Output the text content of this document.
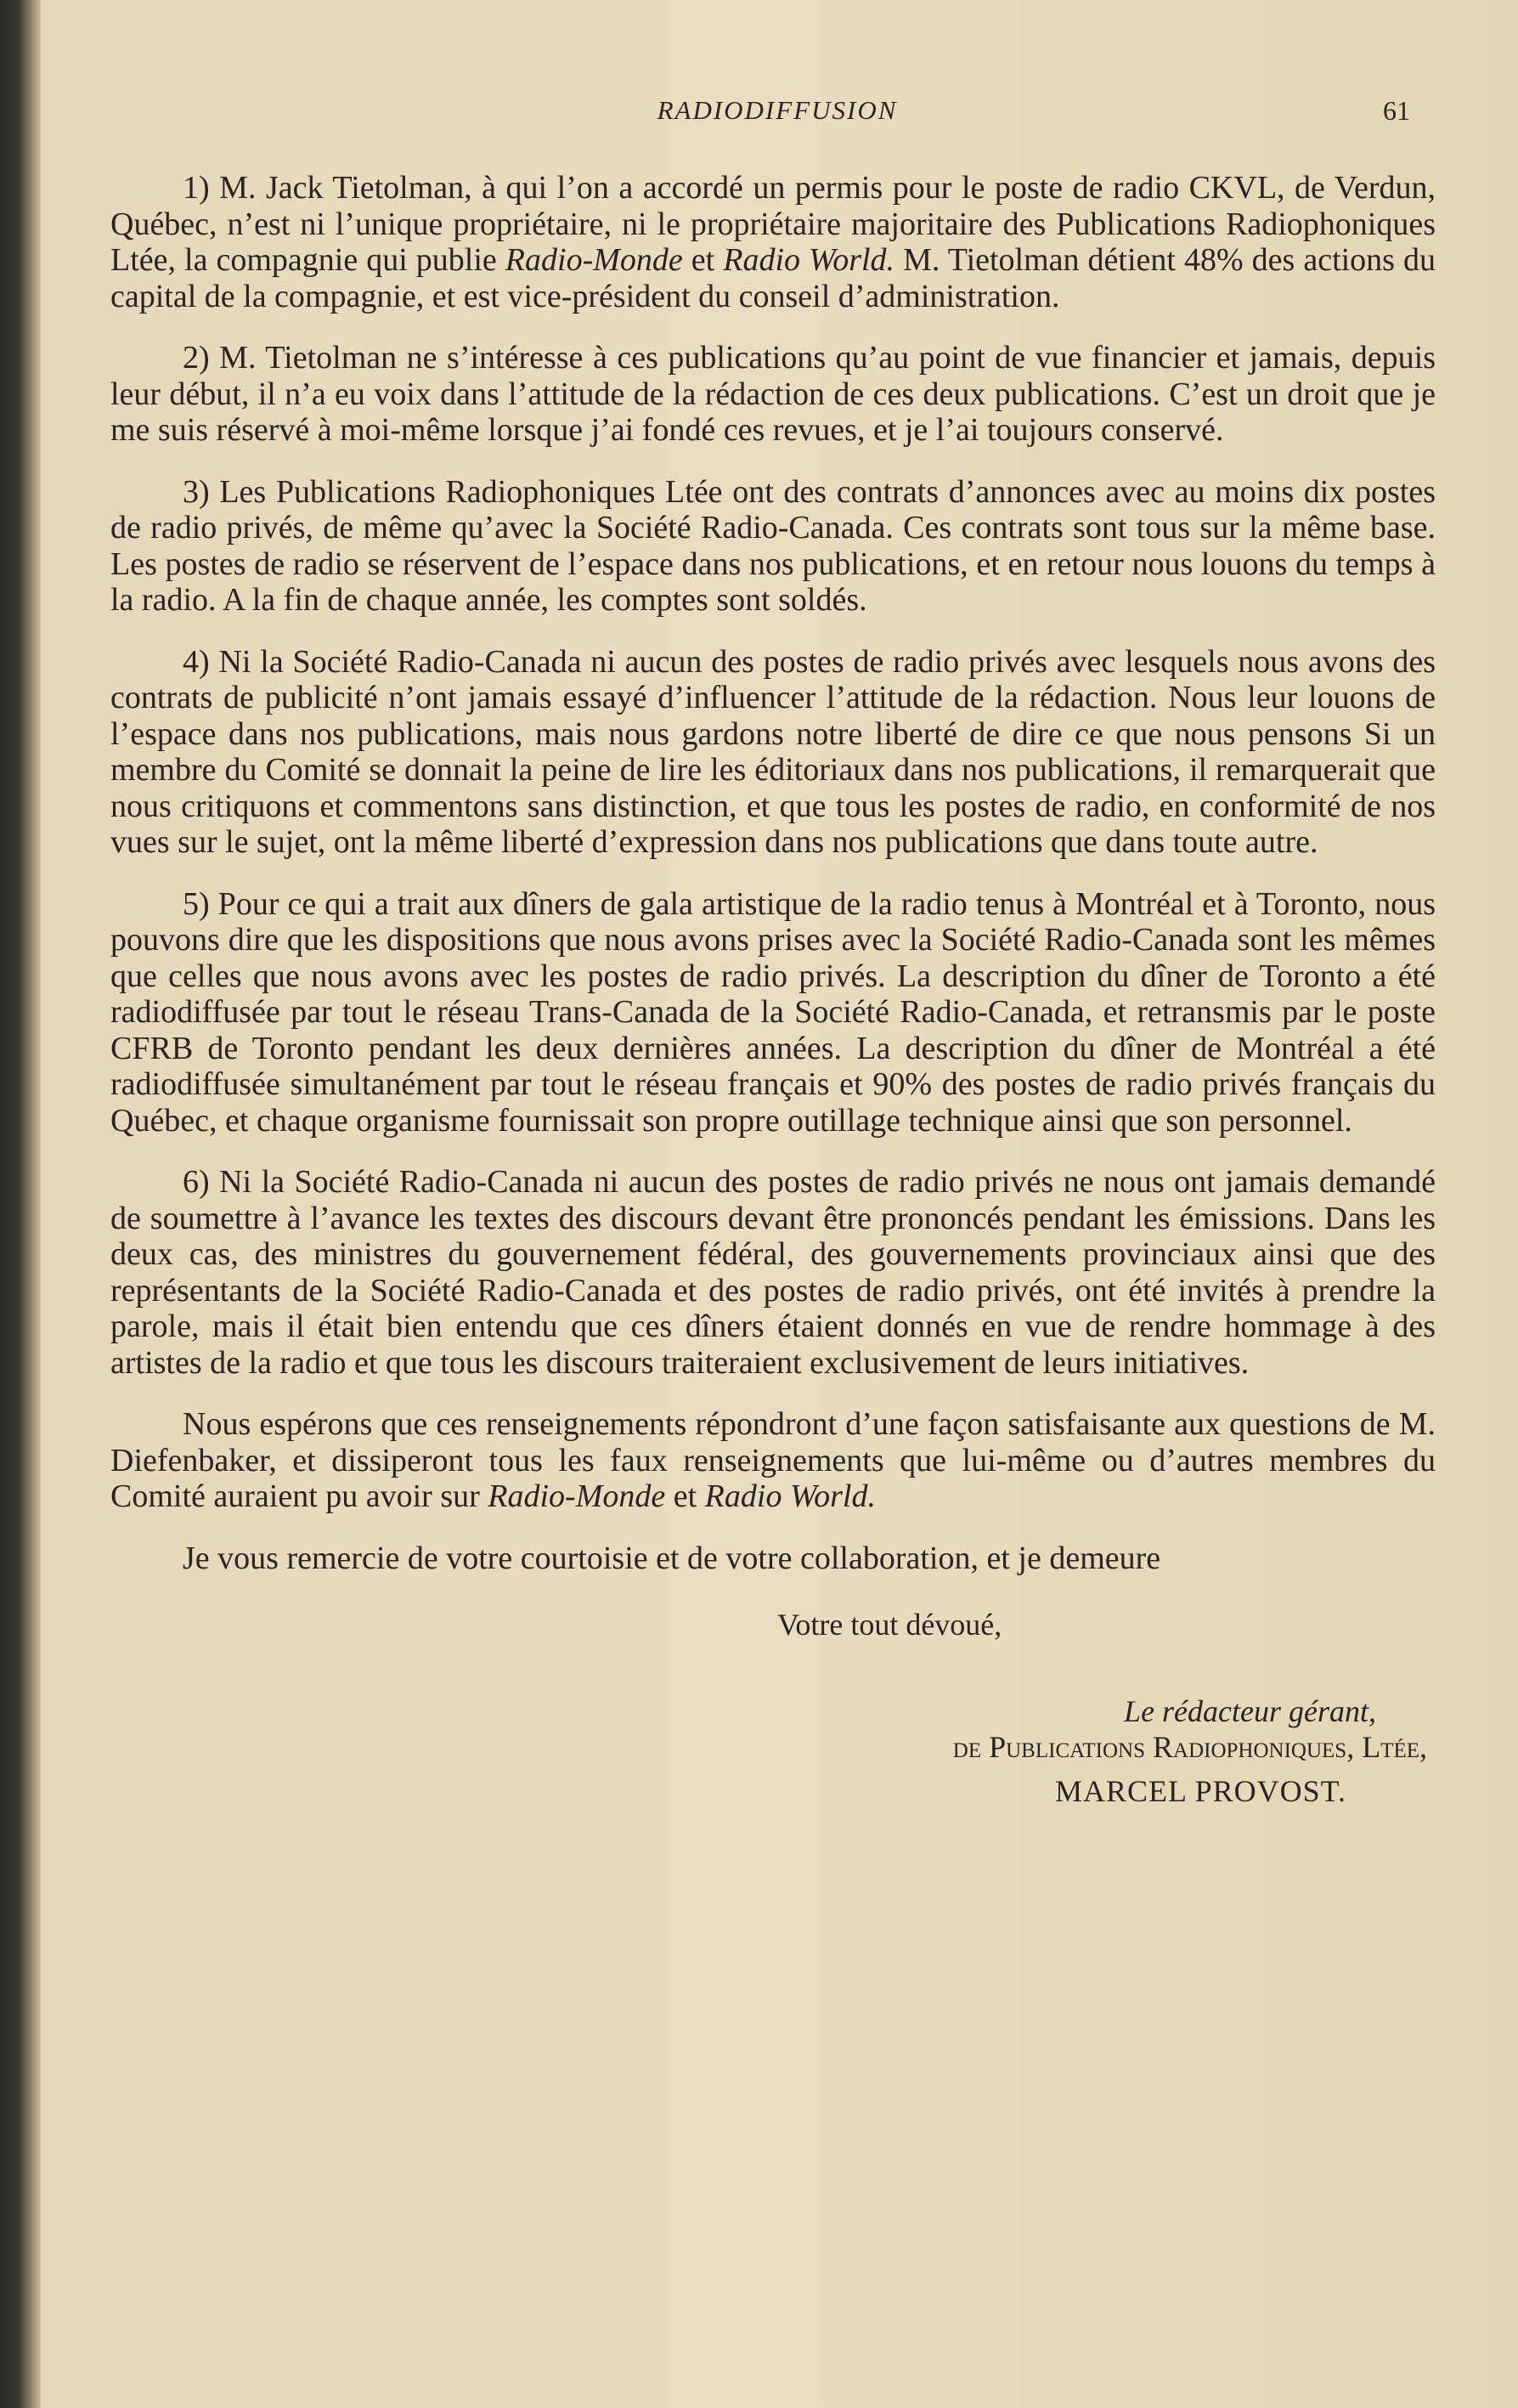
RADIODIFFUSION	61

1) M. Jack Tietolman, à qui l’on a accordé un permis pour le poste de radio CKVL, de Verdun, Québec, n’est ni l’unique propriétaire, ni le propriétaire majoritaire des Publications Radiophoniques Ltée, la compagnie qui publie Radio-Monde et Radio World. M. Tietolman détient 48% des actions du capital de la compagnie, et est vice-président du conseil d’administration.

2) M. Tietolman ne s’intéresse à ces publications qu’au point de vue financier et jamais, depuis leur début, il n’a eu voix dans l’attitude de la rédaction de ces deux publications. C’est un droit que je me suis réservé à moi-même lorsque j’ai fondé ces revues, et je l’ai toujours conservé.

3) Les Publications Radiophoniques Ltée ont des contrats d’annonces avec au moins dix postes de radio privés, de même qu’avec la Société Radio-Canada. Ces contrats sont tous sur la même base. Les postes de radio se réservent de l’espace dans nos publications, et en retour nous louons du temps à la radio. A la fin de chaque année, les comptes sont soldés.

4) Ni la Société Radio-Canada ni aucun des postes de radio privés avec lesquels nous avons des contrats de publicité n’ont jamais essayé d’influencer l’attitude de la rédaction. Nous leur louons de l’espace dans nos publications, mais nous gardons notre liberté de dire ce que nous pensons Si un membre du Comité se donnait la peine de lire les éditoriaux dans nos publications, il remarquerait que nous critiquons et commentons sans distinction, et que tous les postes de radio, en conformité de nos vues sur le sujet, ont la même liberté d’expression dans nos publications que dans toute autre.

5) Pour ce qui a trait aux dîners de gala artistique de la radio tenus à Montréal et à Toronto, nous pouvons dire que les dispositions que nous avons prises avec la Société Radio-Canada sont les mêmes que celles que nous avons avec les postes de radio privés. La description du dîner de Toronto a été radiodiffusée par tout le réseau Trans-Canada de la Société Radio-Canada, et retransmis par le poste CFRB de Toronto pendant les deux dernières années. La description du dîner de Montréal a été radiodiffusée simultanément par tout le réseau français et 90% des postes de radio privés français du Québec, et chaque organisme fournissait son propre outillage technique ainsi que son personnel.

6) Ni la Société Radio-Canada ni aucun des postes de radio privés ne nous ont jamais demandé de soumettre à l’avance les textes des discours devant être prononcés pendant les émissions. Dans les deux cas, des ministres du gouvernement fédéral, des gouvernements provinciaux ainsi que des représentants de la Société Radio-Canada et des postes de radio privés, ont été invités à prendre la parole, mais il était bien entendu que ces dîners étaient donnés en vue de rendre hommage à des artistes de la radio et que tous les discours traiteraient exclusivement de leurs initiatives.

Nous espérons que ces renseignements répondront d’une façon satisfaisante aux questions de M. Diefenbaker, et dissiperont tous les faux renseignements que lui-même ou d’autres membres du Comité auraient pu avoir sur Radio-Monde et Radio World.

Je vous remercie de votre courtoisie et de votre collaboration, et je demeure

Votre tout dévoué,
Le rédacteur gérant,
de Publications Radiophoniques, Ltée,
MARCEL PROVOST.
